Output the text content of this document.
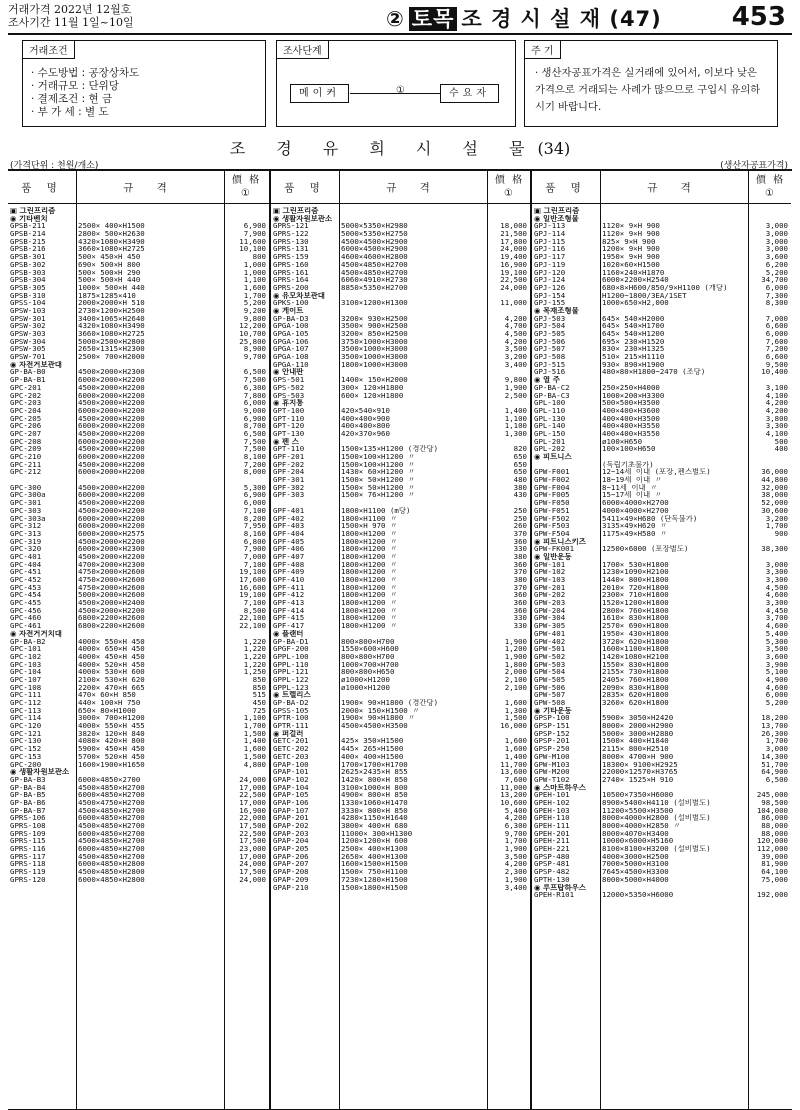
거래가격 2022년 12월호
조사기간 11월 1일~10일	② 토목 조 경 시 설 재 (47)	453
거래조건
· 수도방법 : 공장상차도
· 거래규모 : 단위당
· 결제조건 : 현 금
· 부 가 세 : 별 도
조사단계
메이커	①	수요자
주 기
· 생산자공표가격은 실거래에 있어서, 이보다 낮은 가격으로 거래되는 사례가 많으므로 구입시 유의하시기 바랍니다.
조 경 유 희 시 설 물(34)
(가격단위 : 천원/개소)	(생산자공표가격)
품 명	규 격
價 格
①
▣ 그린프리즘
◉ 기타벤치
GPSB-211	2500× 400×H1500	6,900
GPSB-214	2800× 500×H2630	7,900
GPSB-215	4320×1080×H3490	11,600
GPSB-216	3660×1080×H2725	10,100
GPSB-301	500× 450×H 450	800
GPSB-302	690× 500×H 800	1,000
GPSB-303	500× 500×H 290	1,000
GPSB-304	500× 500×H 440	1,100
GPSB-305	1000× 500×H 440	1,600
GPSB-310	1875×1285×410	1,700
GPSS-104	2000×2000×H 510	5,200
GPSW-103	2730×1200×H2500	9,200
GPSW-301	3400×1065×H2640	9,800
GPSW-302	4320×1080×H3490	12,200
GPSW-303	3660×1080×H2725	10,700
GPSW-304	5000×2500×H2800	25,800
GPSW-305	2650×1315×H2300	8,900
GPSW-701	2500× 700×H2000	9,700
◉ 자전거보관대
GP-BA-B0	4500×2000×H2300	6,500
GP-BA-B1	6000×2000×H2200	7,500
GPC-201	4500×2000×H2200	6,300
GPC-202	6000×2000×H2200	7,800
GPC-203	4500×2000×H2200	6,000
GPC-204	6000×2000×H2200	9,000
GPC-205	4500×2000×H2200	6,900
GPC-206	6000×2000×H2200	8,700
GPC-207	4500×2000×H2200	6,500
GPC-208	6000×2000×H2200	7,500
GPC-209	4500×2000×H2200	7,500
GPC-210	6000×2000×H2200	8,100
GPC-211	4500×2000×H2200	7,200
GPC-212	6000×2000×H2200	8,000
GPC-300	4500×2000×H2200	5,300
GPC-300a	6000×2000×H2200	6,900
GPC-301	4500×2000×H2200	6,000
GPC-303	4500×2000×H2200	7,100
GPC-303a	6000×2000×H2200	8,200
GPC-312	6000×2000×H2200	7,950
GPC-313	6000×2000×H2575	8,160
GPC-319	4500×2000×H2200	6,800
GPC-320	6000×2000×H2300	7,900
GPC-401	4500×2000×H2200	7,000
GPC-404	4700×2000×H2300	7,100
GPC-451	4750×2000×H2600	19,100
GPC-452	4750×2000×H2600	17,600
GPC-453	4750×2000×H2600	16,600
GPC-454	5000×2000×H2600	19,100
GPC-455	4500×2000×H2400	7,100
GPC-456	4500×2000×H2200	8,500
GPC-460	6800×2200×H2600	22,100
GPC-461	6800×2200×H2600	22,100
◉ 자전거거치대
GP-BA-B2	4000× 550×H 450	1,220
GPC-101	4000× 650×H 450	1,220
GPC-102	4000× 450×H 450	1,220
GPC-103	4000× 520×H 450	1,220
GPC-104	4000× 530×H 600	1,250
GPC-107	2100× 530×H 620	850
GPC-108	2200× 470×H 665	850
GPC-111	470× 60×H 850	515
GPC-112	440× 100×H 750	450
GPC-113	650× 80×H1000	725
GPC-114	3000× 700×H1200	1,100
GPC-120	4000× 550×H 455	1,700
GPC-121	3820× 120×H 840	1,500
GPC-130	4080× 420×H 800	1,400
GPC-152	5900× 450×H 450	1,600
GPC-153	5700× 520×H 450	1,500
GPC-200	1600×1900×H1650	4,800
◉ 생활자원보관소
GP-BA-B3	6000×4850×2700	24,000
GP-BA-B4	4500×4850×H2700	17,000
GP-BA-B5	6000×4850×H2700	22,500
GP-BA-B6	4500×4750×H2700	17,000
GP-BA-B7	4500×4850×H2700	16,900
GPRS-106	6000×4850×H2700	22,000
GPRS-108	4500×4850×H2700	17,500
GPRS-109	6000×4850×H2700	22,500
GPRS-115	4500×4850×H2700	17,500
GPRS-116	6000×4850×H2700	23,000
GPRS-117	4500×4850×H2700	17,000
GPRS-118	6000×4850×H2800	24,000
GPRS-119	4500×4850×H2800	17,500
GPRS-120	6000×4850×H2800	24,000
품 명	규 격
價 格
①
▣ 그린프리즘
◉ 생활자원보관소
GPRS-121	5000×5350×H2980	18,000
GPRS-122	5000×5350×H2750	21,500
GPRS-130	4500×4500×H2900	17,800
GPRS-131	6000×4500×H2900	24,000
GPRS-159	4600×4600×H2800	19,400
GPRS-160	4500×4850×H2700	16,900
GPRS-161	4500×4850×H2700	19,100
GPRS-164	6060×4910×H2730	22,500
GPRS-200	8850×5350×H2700	24,000
◉ 유모차보관대
GPKS-100	3100×1200×H1300	11,000
◉ 게이트
GP-BA-D3	3200× 930×H2500	4,200
GPGA-100	3500× 900×H2500	4,700
GPGA-105	3200× 850×H2500	4,500
GPGA-106	3750×1000×H3000	4,200
GPGA-107	3500×1000×H3000	3,500
GPGA-108	3500×1000×H3000	3,200
GPGA-110	1800×1000×H3000	3,400
◉ 안내판
GPS-501	1400× 150×H2000	9,800
GPS-502	300× 120×H1800	1,900
GPS-503	600× 120×H1800	2,500
◉ 휴지통
GPT-100	420×540×910	1,400
GPT-110	400×400×900	1,100
GPT-120	400×400×800	1,100
GPT-130	420×370×960	1,300
◉ 펜 스
GPT-110	1500×135×H1200 (경간당)	820
GPF-201	1500×100×H1200 〃	650
GPF-202	1500×100×H1200 〃	650
GPF-204	1430× 60×H1200 〃	650
GPF-301	1500× 50×H1200 〃	480
GPF-302	1500× 50×H1200 〃	380
GPF-303	1500× 76×H1200 〃	430
GPF-401	1800×H1100 (m당)	250
GPF-402	1800×H1100 〃	250
GPF-403	1500×H 970 〃	260
GPF-404	1800×H1200 〃	370
GPF-405	1800×H1200 〃	360
GPF-406	1800×H1200 〃	330
GPF-407	1800×H1200 〃	380
GPF-408	1800×H1200 〃	360
GPF-409	1800×H1200 〃	370
GPF-410	1800×H1200 〃	380
GPF-411	1800×H1200 〃	370
GPF-412	1800×H1200 〃	360
GPF-413	1800×H1200 〃	360
GPF-414	1800×H1200 〃	360
GPF-415	1800×H1200 〃	330
GPF-417	1800×H1200 〃	330
◉ 플랜터
GP-BA-D1	800×800×H700	1,900
GPGF-200	1550×600×H600	1,200
GPPL-100	800×800×H700	1,900
GPPL-110	1000×700×H700	1,800
GPPL-121	800×800×H650	2,000
GPPL-122	ø1000×H1200	2,100
GPPL-123	ø1000×H1200	2,100
◉ 트렐리스
GP-BA-D2	1900× 90×H1800 (경간당)	1,600
GPSS-105	2000× 150×H1500 〃	1,300
GPTR-100	1900× 90×H1800 〃	1,500
GPTR-111	4500×4500×H3500	16,000
◉ 퍼걸러
GETC-201	425× 350×H1500	1,600
GETC-202	445× 265×H1500	1,600
GETC-203	400× 400×H1500	1,400
GPAP-100	1700×1700×H1700	11,700
GPAP-101	2625×2435×H 855	13,600
GPAP-102	1420× 800×H 850	7,600
GPAP-104	3100×1000×H 800	11,000
GPAP-105	4900× 800×H 850	13,200
GPAP-106	1330×1060×H1470	10,600
GPAP-107	3330× 800×H 850	5,400
GPAP-201	4280×1150×H1640	4,200
GPAP-202	3800× 400×H 680	6,300
GPAP-203	11000× 300×H1300	9,700
GPAP-204	1200×1200×H 600	1,700
GPAP-205	2500× 400×H1300	1,900
GPAP-206	2650× 400×H1300	3,500
GPAP-207	1600×1500×H1500	4,200
GPAP-208	1500× 750×H1100	2,300
GPAP-209	7230×1280×H1500	1,900
GPAP-210	1500×1800×H1500	3,400
품 명	규 격
價 格
①
▣ 그린프리즘
◉ 일반조형물
GPJ-113	1120× 9×H 900	3,000
GPJ-114	1120× 9×H 900	3,000
GPJ-115	825× 9×H 900	3,000
GPJ-116	1200× 9×H 900	3,000
GPJ-117	1950× 9×H 900	3,600
GPJ-119	1020×60×H1500	6,200
GPJ-120	1160×240×H1870	5,200
GPJ-124	6000×2200×H2540	34,700
GPJ-126	680×8×H600/850/9×H1100 (개당)	6,000
GPJ-154	H1200~1800/3EA/1SET	7,300
GPJ-155	1000×650×H2,000	8,300
◉ 목재조형물
GPJ-503	645× 540×H2000	7,000
GPJ-504	645× 540×H1700	6,600
GPJ-505	645× 540×H1200	6,000
GPJ-506	695× 230×H1520	7,600
GPJ-507	830× 230×H1325	7,200
GPJ-508	510× 215×H1110	6,600
GPJ-515	930× 890×H1900	9,500
GPJ-516	480×80×H1800~2470 (조당)	10,400
◉ 열 주
GP-BA-C2	250×250×H4000	3,100
GP-BA-C3	1000×200×H3300	4,100
GPL-100	500×500×H3500	4,200
GPL-110	400×400×H3600	4,200
GPL-130	400×400×H3500	3,800
GPL-140	400×400×H3550	3,300
GPL-150	400×400×H3550	4,100
GPL-201	ø100×H650	500
GPL-202	100×100×H650	400
◉ 피트니스
(독립기초불가)
GPW-F001	12~14세 이내 (포장,펜스별도)	36,000
GPW-F002	18~19세 이내 〃	44,800
GPW-F004	8~11세 이내 〃	32,000
GPW-F005	15~17세 이내 〃	38,000
GPW-F050	6000×4000×H2700	52,000
GPW-F051	4000×4000×H2700	30,600
GPW-F502	5411×49×H680 (단독불가)	3,200
GPW-F503	3135×49×H620 〃	1,700
GPW-F504	1175×49×H580 〃	900
◉ 피트니스키즈
GPW-FK001	12500×6000 (포장별도)	38,300
◉ 일반운동
GPW-101	1700× 530×H1800	3,000
GPW-102	1230×1090×H2100	3,300
GPW-103	1440× 800×H1800	3,300
GPW-201	2010× 720×H1800	4,500
GPW-202	2300× 710×H1800	4,600
GPW-203	1520×1200×H1800	3,300
GPW-204	2800× 760×H1800	4,450
GPW-304	1610× 830×H1800	3,700
GPW-305	2570× 690×H1800	4,600
GPW-401	1950× 430×H1800	5,400
GPW-402	3720× 620×H1800	5,300
GPW-501	1600×1100×H1800	3,500
GPW-502	1420×1080×H2100	3,600
GPW-503	1550× 830×H1800	3,900
GPW-504	2155× 730×H1800	5,100
GPW-505	2405× 760×H1800	4,900
GPW-506	2090× 830×H1800	4,600
GPW-507	2835× 620×H1800	6,000
GPW-508	3260× 620×H1800	5,200
◉ 기타운동
GPSP-100	5900× 3050×H2420	18,200
GPSP-151	8000× 2000×H2900	13,700
GPSP-152	5000× 3000×H2880	26,300
GPSP-201	1500× 400×H1840	1,700
GPSP-250	2115× 800×H2510	3,000
GPW-M100	8000× 4700×H 900	14,300
GPW-M103	18300× 9100×H2925	51,700
GPW-M200	22000×12570×H3765	64,900
GPW-T102	2740× 1525×H 910	6,500
◉ 스마트하우스
GPEH-101	10500×7350×H6000	245,000
GPEH-102	8900×5400×H4110 (설비별도)	98,500
GPEH-103	11200×5500×H3500	104,000
GPEH-110	8000×4000×H2800 (설비별도)	86,000
GPEH-111	8000×4000×H2850 〃	88,000
GPEH-201	8000×4070×H3400	88,000
GPEH-211	10000×6000×H5160	120,000
GPEH-221	8100×8100×H3200 (설비별도)	112,000
GPSP-480	4000×3000×H2500	39,000
GPSP-481	7000×5000×H3100	81,900
GPSP-482	7645×4500×H3300	64,100
GPTH-130	8000×5000×H4000	75,000
◉ 루프탑하우스
GPEH-R101	12000×5350×H6000	192,000
